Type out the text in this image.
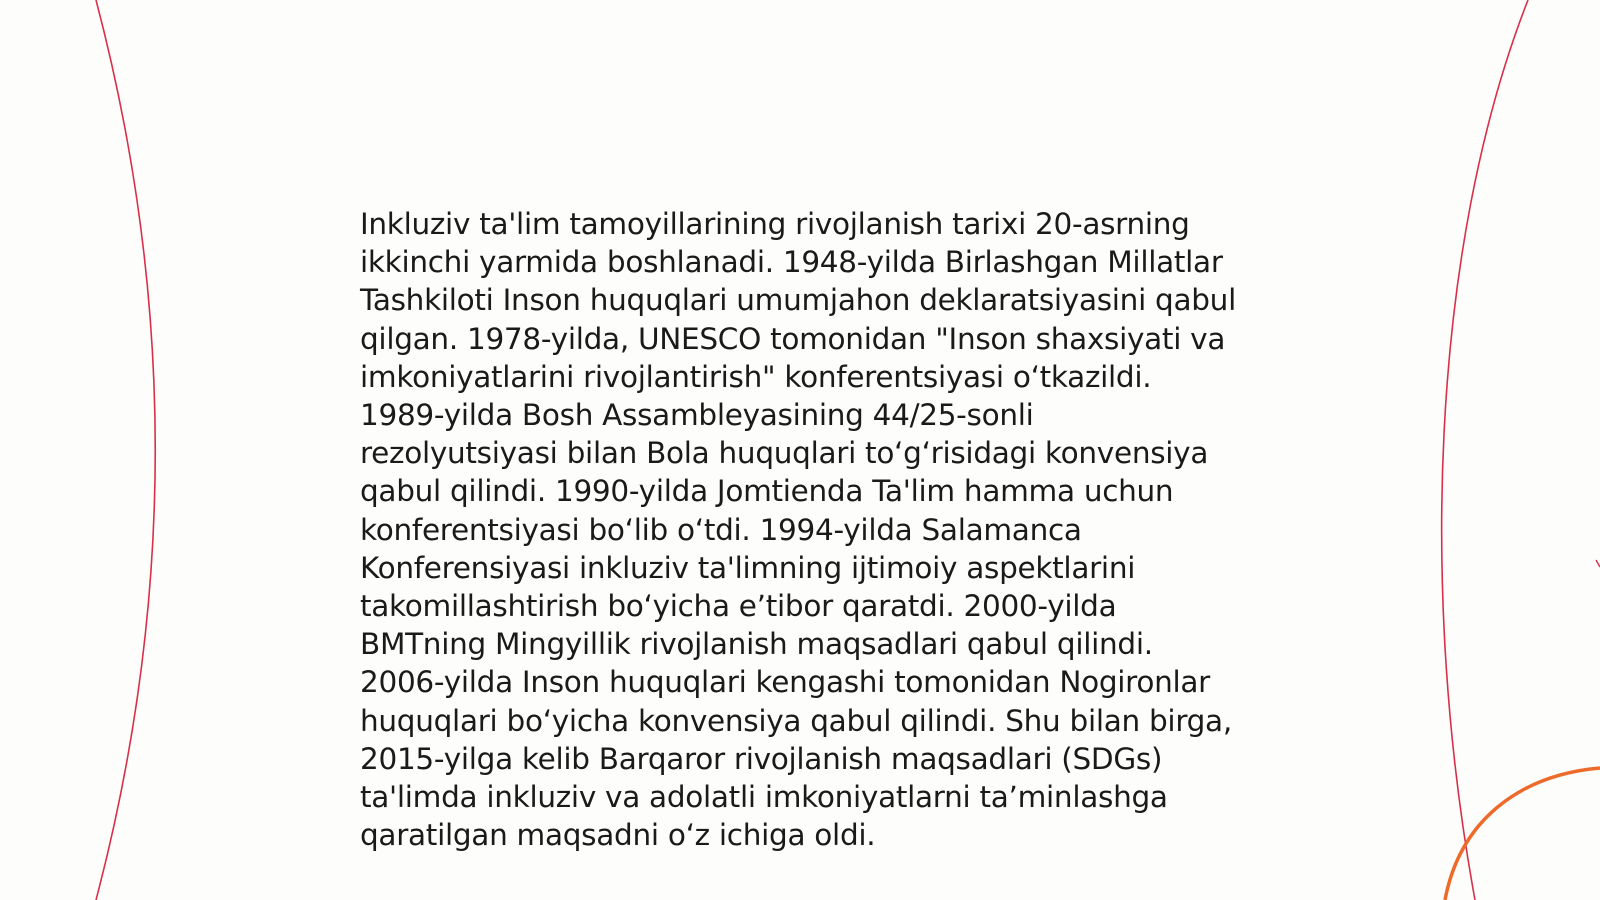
Inkluziv ta'lim tamoyillarining rivojlanish tarixi 20-asrning ikkinchi yarmida boshlanadi. 1948-yilda Birlashgan Millatlar Tashkiloti Inson huquqlari umumjahon deklaratsiyasini qabul qilgan. 1978-yilda, UNESCO tomonidan "Inson shaxsiyati va imkoniyatlarini rivojlantirish" konferentsiyasi o‘tkazildi. 1989-yilda Bosh Assambleyasining 44/25-sonli rezolyutsiyasi bilan Bola huquqlari to‘g‘risidagi konvensiya qabul qilindi. 1990-yilda Jomtienda Ta'lim hamma uchun konferentsiyasi bo‘lib o‘tdi. 1994-yilda Salamanca Konferensiyasi inkluziv ta'limning ijtimoiy aspektlarini takomillashtirish bo‘yicha e’tibor qaratdi. 2000-yilda BMTning Mingyillik rivojlanish maqsadlari qabul qilindi. 2006-yilda Inson huquqlari kengashi tomonidan Nogironlar huquqlari bo‘yicha konvensiya qabul qilindi. Shu bilan birga, 2015-yilga kelib Barqaror rivojlanish maqsadlari (SDGs) ta'limda inkluziv va adolatli imkoniyatlarni ta’minlashga qaratilgan maqsadni o‘z ichiga oldi.
